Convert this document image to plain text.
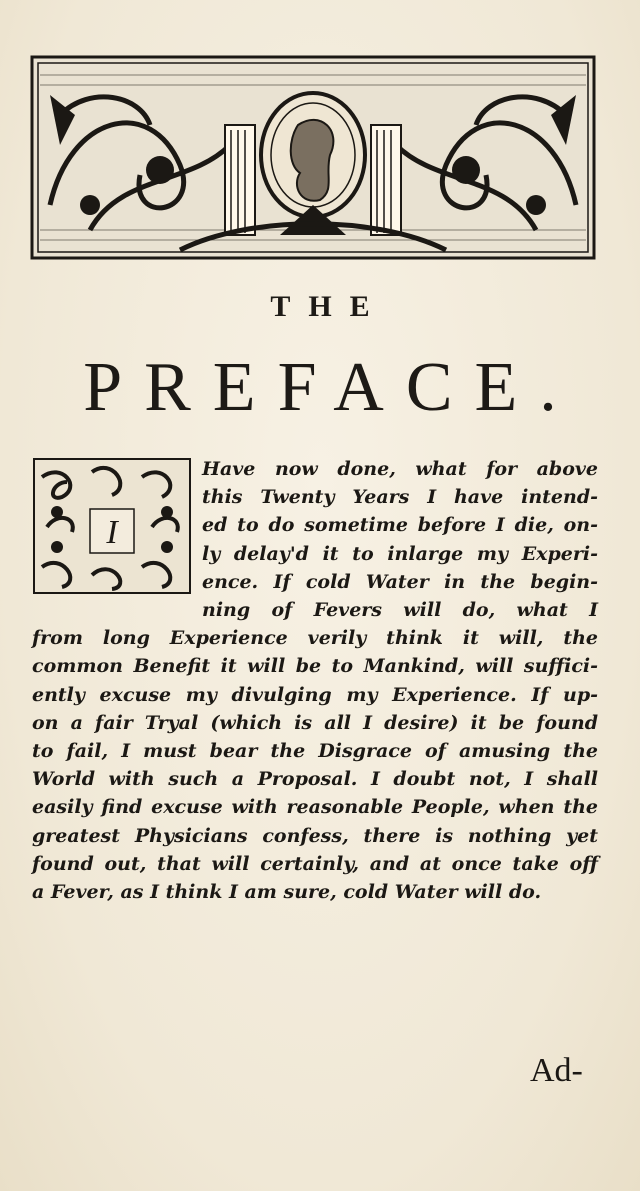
THE
PREFACE.
I
Have now done, what for above
this Twenty Years I have intend-
ed to do sometime before I die, on-
ly delay'd it to inlarge my Experi-
ence. If cold Water in the begin-
ning of Fevers will do, what I
from long Experience verily think it will, the
common Benefit it will be to Mankind, will suffici-
ently excuse my divulging my Experience. If up-
on a fair Tryal (which is all I desire) it be found
to fail, I must bear the Disgrace of amusing the
World with such a Proposal. I doubt not, I shall
easily find excuse with reasonable People, when the
greatest Physicians confess, there is nothing yet
found out, that will certainly, and at once take off
a Fever, as I think I am sure, cold Water will do.
Ad-
